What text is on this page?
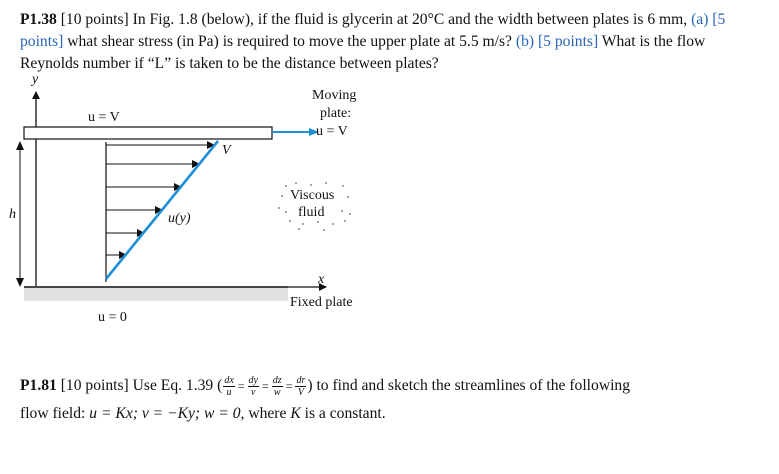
P1.38 [10 points] In Fig. 1.8 (below), if the fluid is glycerin at 20°C and the width between plates is 6 mm, (a) [5 points] what shear stress (in Pa) is required to move the upper plate at 5.5 m/s? (b) [5 points] What is the flow Reynolds number if “L” is taken to be the distance between plates?
y
h
u = V
Moving
plate:
u = V
V
u(y)
Viscous
fluid
x
Fixed plate
u = 0
P1.81 [10 points] Use Eq. 1.39 ( $\frac{dx}{u} = \frac{dy}{v} = \frac{dz}{w} = \frac{dr}{V}$ ) to find and sketch the streamlines of the following
flow field: u = Kx; v = −Ky; w = 0, where K is a constant.
